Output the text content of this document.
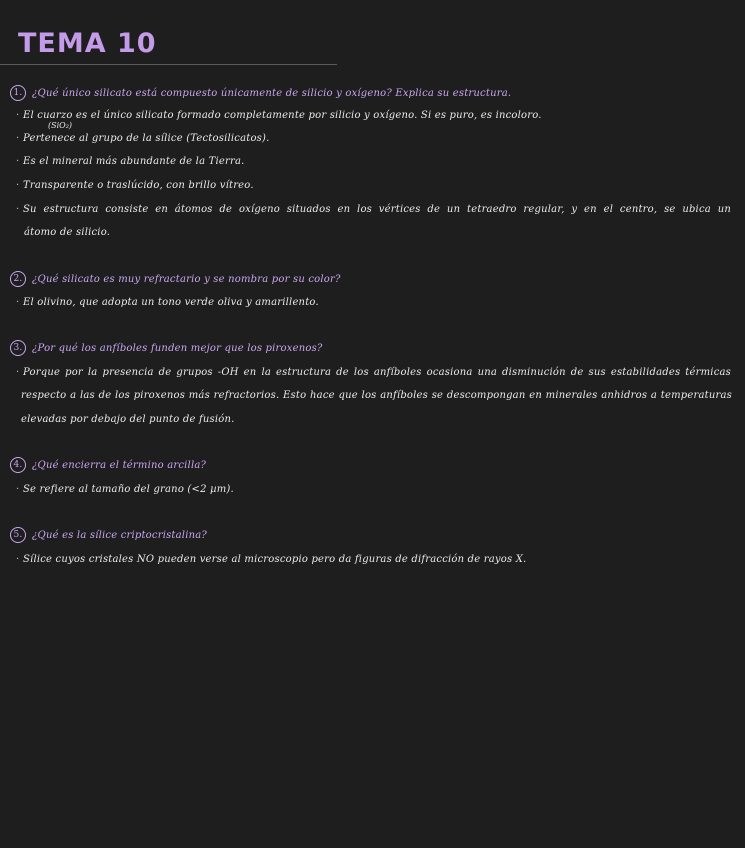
TEMA 10
1. ¿Qué único silicato está compuesto únicamente de silicio y oxígeno? Explica su estructura.
· El cuarzo es el único silicato formado completamente por silicio y oxígeno. Si es puro, es incoloro.
(SiO₂)
· Pertenece al grupo de la sílice (Tectosilicatos).
· Es el mineral más abundante de la Tierra.
· Transparente o traslúcido, con brillo vítreo.
· Su estructura consiste en átomos de oxígeno situados en los vértices de un tetraedro regular, y en el centro, se ubica un
átomo de silicio.
2. ¿Qué silicato es muy refractario y se nombra por su color?
· El olivino, que adopta un tono verde oliva y amarillento.
3. ¿Por qué los anfíboles funden mejor que los piroxenos?
· Porque por la presencia de grupos -OH en la estructura de los anfíboles ocasiona una disminución de sus estabilidades térmicas
respecto a las de los piroxenos más refractorios. Esto hace que los anfíboles se descompongan en minerales anhidros a temperaturas
elevadas por debajo del punto de fusión.
4. ¿Qué encierra el término arcilla?
· Se refiere al tamaño del grano (<2 µm).
5. ¿Qué es la sílice criptocristalina?
· Sílice cuyos cristales NO pueden verse al microscopio pero da figuras de difracción de rayos X.
